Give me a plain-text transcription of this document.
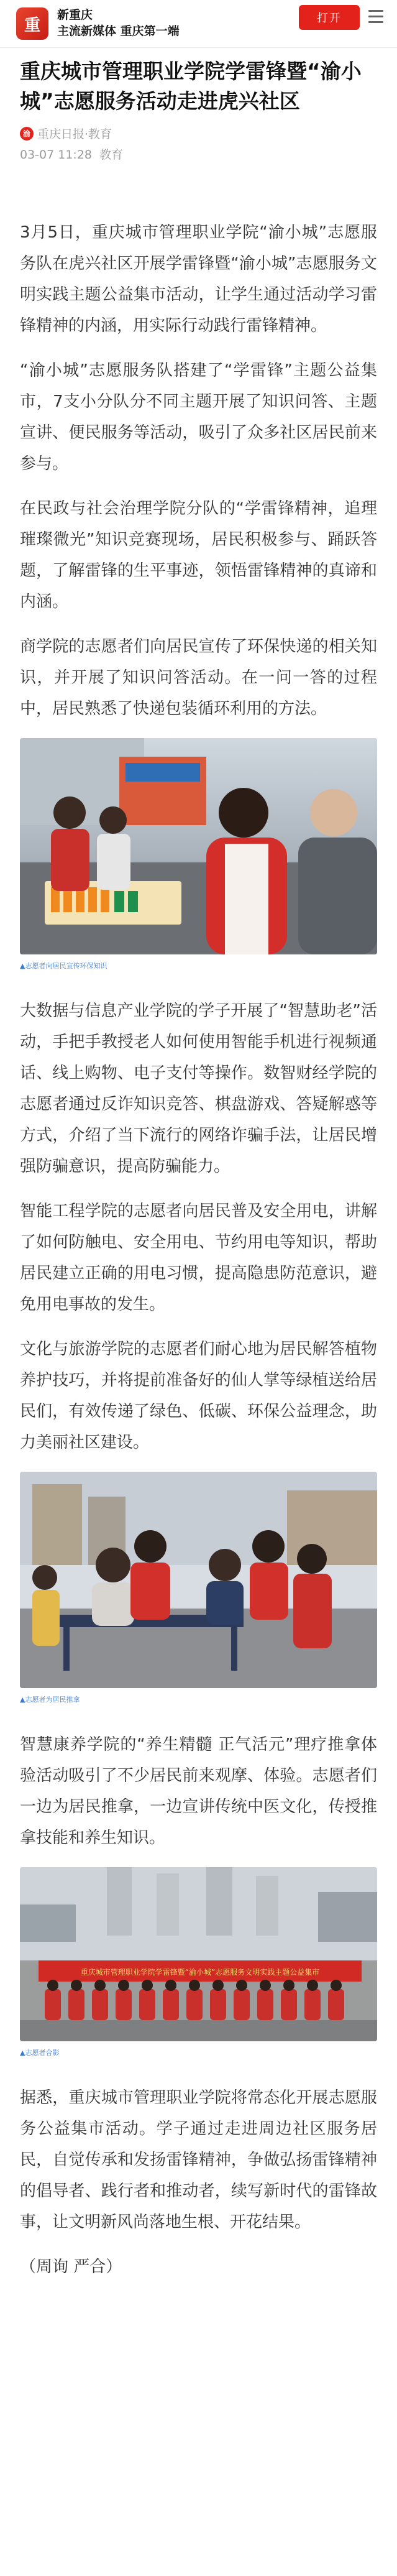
重
新重庆
主流新媒体 重庆第一端
打开
重庆城市管理职业学院学雷锋暨“渝小城”志愿服务活动走进虎兴社区
渝 重庆日报·教育
03-07 11:28 教育

3月5日，重庆城市管理职业学院“渝小城”志愿服务队在虎兴社区开展学雷锋暨“渝小城”志愿服务文明实践主题公益集市活动，让学生通过活动学习雷锋精神的内涵，用实际行动践行雷锋精神。

“渝小城”志愿服务队搭建了“学雷锋”主题公益集市，7支小分队分不同主题开展了知识问答、主题宣讲、便民服务等活动，吸引了众多社区居民前来参与。

在民政与社会治理学院分队的“学雷锋精神，追理璀璨微光”知识竞赛现场，居民积极参与、踊跃答题，了解雷锋的生平事迹，领悟雷锋精神的真谛和内涵。

商学院的志愿者们向居民宣传了环保快递的相关知识，并开展了知识问答活动。在一问一答的过程中，居民熟悉了快递包装循环利用的方法。

▲志愿者向居民宣传环保知识

大数据与信息产业学院的学子开展了“智慧助老”活动，手把手教授老人如何使用智能手机进行视频通话、线上购物、电子支付等操作。数智财经学院的志愿者通过反诈知识竞答、棋盘游戏、答疑解惑等方式，介绍了当下流行的网络诈骗手法，让居民增强防骗意识，提高防骗能力。

智能工程学院的志愿者向居民普及安全用电，讲解了如何防触电、安全用电、节约用电等知识，帮助居民建立正确的用电习惯，提高隐患防范意识，避免用电事故的发生。

文化与旅游学院的志愿者们耐心地为居民解答植物养护技巧，并将提前准备好的仙人掌等绿植送给居民们，有效传递了绿色、低碳、环保公益理念，助力美丽社区建设。

▲志愿者为居民推拿

智慧康养学院的“养生精髓 正气活元”理疗推拿体验活动吸引了不少居民前来观摩、体验。志愿者们一边为居民推拿，一边宣讲传统中医文化，传授推拿技能和养生知识。

重庆城市管理职业学院学雷锋暨“渝小城”志愿服务文明实践主题公益集市
▲志愿者合影

据悉，重庆城市管理职业学院将常态化开展志愿服务公益集市活动。学子通过走进周边社区服务居民，自觉传承和发扬雷锋精神，争做弘扬雷锋精神的倡导者、践行者和推动者，续写新时代的雷锋故事，让文明新风尚落地生根、开花结果。

（周询 严合）
